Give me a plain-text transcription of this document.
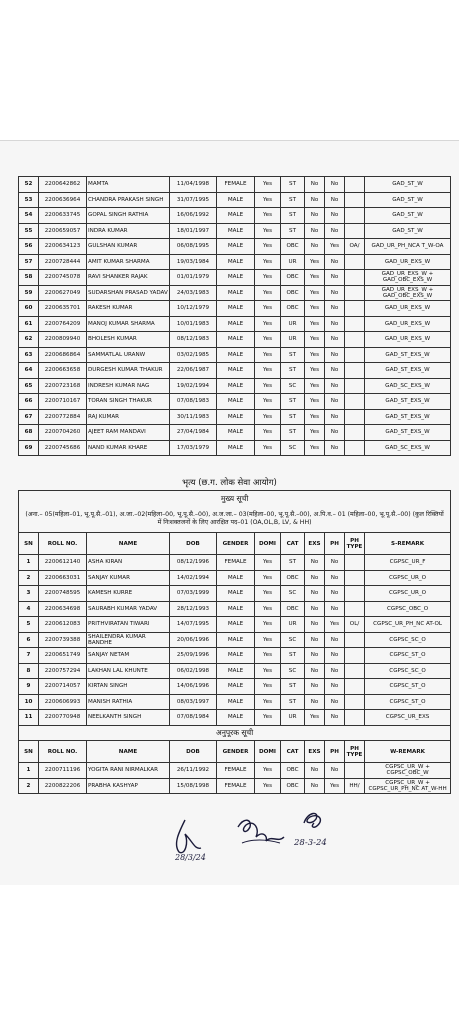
52	2200642862	MAMTA	11/04/1998	FEMALE	Yes	ST	No	No		GAD_ST_W
53	2200636964	CHANDRA PRAKASH SINGH	31/07/1995	MALE	Yes	ST	No	No		GAD_ST_W
54	2200633745	GOPAL SINGH RATHIA	16/06/1992	MALE	Yes	ST	No	No		GAD_ST_W
55	2200659057	INDRA KUMAR	18/01/1997	MALE	Yes	ST	No	No		GAD_ST_W
56	2200634123	GULSHAN KUMAR	06/08/1995	MALE	Yes	OBC	No	Yes	OA/	GAD_UR_PH_NCA T_W-OA
57	2200728444	AMIT KUMAR SHARMA	19/03/1984	MALE	Yes	UR	Yes	No		GAD_UR_EXS_W
58	2200745078	RAVI SHANKER RAJAK	01/01/1979	MALE	Yes	OBC	Yes	No		GAD_UR_EXS_W + GAD_OBC_EXS_W
59	2200627049	SUDARSHAN PRASAD YADAV	24/03/1983	MALE	Yes	OBC	Yes	No		GAD_UR_EXS_W + GAD_OBC_EXS_W
60	2200635701	RAKESH KUMAR	10/12/1979	MALE	Yes	OBC	Yes	No		GAD_UR_EXS_W
61	2200764209	MANOJ KUMAR SHARMA	10/01/1983	MALE	Yes	UR	Yes	No		GAD_UR_EXS_W
62	2200809940	BHOLESH KUMAR	08/12/1983	MALE	Yes	UR	Yes	No		GAD_UR_EXS_W
63	2200686864	SAMMATLAL URANW	03/02/1985	MALE	Yes	ST	Yes	No		GAD_ST_EXS_W
64	2200663658	DURGESH KUMAR THAKUR	22/06/1987	MALE	Yes	ST	Yes	No		GAD_ST_EXS_W
65	2200723168	INDRESH KUMAR NAG	19/02/1994	MALE	Yes	SC	Yes	No		GAD_SC_EXS_W
66	2200710167	TORAN SINGH THAKUR	07/08/1983	MALE	Yes	ST	Yes	No		GAD_ST_EXS_W
67	2200772884	RAJ KUMAR	30/11/1983	MALE	Yes	ST	Yes	No		GAD_ST_EXS_W
68	2200704260	AJEET RAM MANDAVI	27/04/1984	MALE	Yes	ST	Yes	No		GAD_ST_EXS_W
69	2200745686	NAND KUMAR KHARE	17/03/1979	MALE	Yes	SC	Yes	No		GAD_SC_EXS_W
भृत्य (छ.ग. लोक सेवा आयोग)
मुख्य सूची										
(अना.– 05(महिला–01, भू.पू.सै.–01), अ.जा.–02(महिला–00, भू.पू.सै.–00), अ.ज.जा.– 03(महिला–00, भू.पू.सै.–00), अ.पि.व.– 01 (महिला–00, भू.पू.सै.–00) (कुल रिक्तियों में निःशक्तजनों के लिए आरक्षित पद–01 (OA,OL,B, LV, & HH)										
SN	ROLL NO.	NAME	DOB	GENDER	DOMI	CAT	EXS	PH	PH TYPE	S-REMARK
1	2200612140	ASHA KIRAN	08/12/1996	FEMALE	Yes	ST	No	No		CGPSC_UR_F
2	2200663031	SANJAY KUMAR	14/02/1994	MALE	Yes	OBC	No	No		CGPSC_UR_O
3	2200748595	KAMESH KURRE	07/03/1999	MALE	Yes	SC	No	No		CGPSC_UR_O
4	2200634698	SAURABH KUMAR YADAV	28/12/1993	MALE	Yes	OBC	No	No		CGPSC_OBC_O
5	2200612083	PRITHVIRATAN TIWARI	14/07/1995	MALE	Yes	UR	No	Yes	OL/	CGPSC_UR_PH_NC AT-OL
6	2200739388	SHAILENDRA KUMAR BANDHE	20/06/1996	MALE	Yes	SC	No	No		CGPSC_SC_O
7	2200651749	SANJAY NETAM	25/09/1996	MALE	Yes	ST	No	No		CGPSC_ST_O
8	2200757294	LAKHAN LAL KHUNTE	06/02/1998	MALE	Yes	SC	No	No		CGPSC_SC_O
9	2200714057	KIRTAN SINGH	14/06/1996	MALE	Yes	ST	No	No		CGPSC_ST_O
10	2200606993	MANISH RATHIA	08/03/1997	MALE	Yes	ST	No	No		CGPSC_ST_O
11	2200770948	NEELKANTH SINGH	07/08/1984	MALE	Yes	UR	Yes	No		CGPSC_UR_EXS
अनुपूरक सूची										
SN	ROLL NO.	NAME	DOB	GENDER	DOMI	CAT	EXS	PH	PH TYPE	W-REMARK
1	2200711196	YOGITA RANI NIRMALKAR	26/11/1992	FEMALE	Yes	OBC	No	No		CGPSC_UR_W + CGPSC_OBC_W
2	2200822206	PRABHA KASHYAP	15/08/1998	FEMALE	Yes	OBC	No	Yes	HH/	CGPSC_UR_W + CGPSC_UR_PH_NC AT_W-HH
28/3/24
28-3-24
